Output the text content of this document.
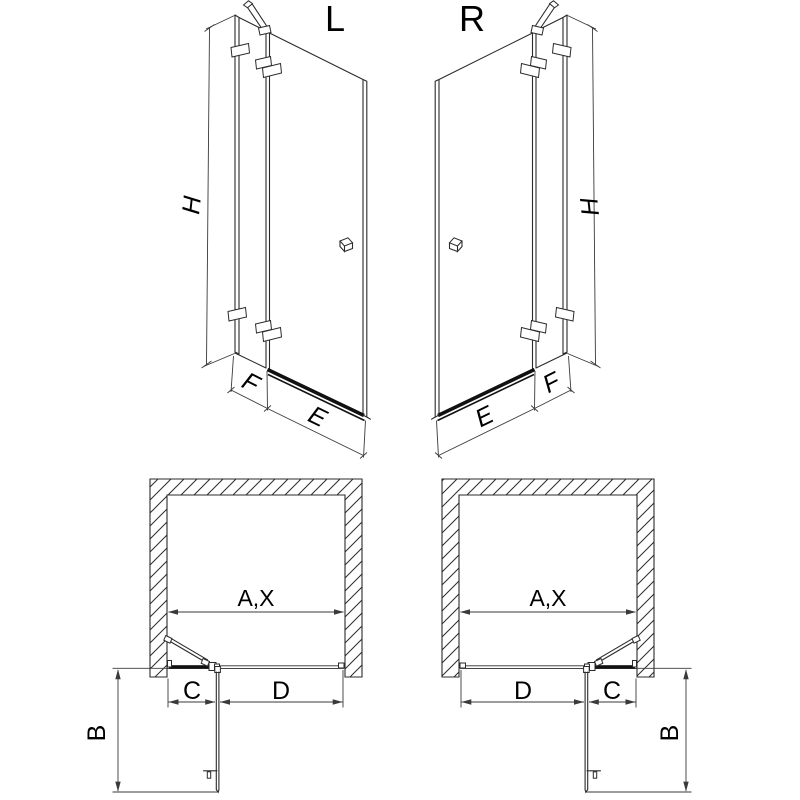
L
H
F
E
R
H
F
E
A,X
C	D
B
A,X
D	C
B
